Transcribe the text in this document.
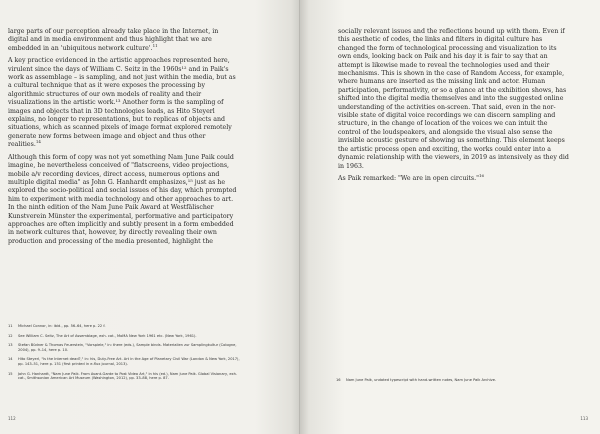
large parts of our perception already take place in the Internet, in digital and in media environment and thus highlight that we are embedded in an 'ubiquitous network culture'.$^{11}$

A key practice evidenced in the artistic approaches represented here, virulent since the days of William C. Seitz in the 1960s¹² and in Paik's work as assemblage – is sampling, and not just within the media, but as a cultural technique that as it were exposes the processing by algorithmic structures of our own models of reality and their visualizations in the artistic work.¹³ Another form is the sampling of images and objects that in 3D technologies leads, as Hito Steyerl explains, no longer to representations, but to replicas of objects and situations, which as scanned pixels of image format explored remotely generate new forms between image and object and thus other realities.$^{14}$

Although this form of copy was not yet something Nam June Paik could imagine, he nevertheless conceived of "flatscreens, video projections, mobile a/v recording devices, direct access, numerous options and multiple digital media" as John G. Hanhardt emphasizes,¹⁵ just as he explored the socio-political and social issues of his day, which prompted him to experiment with media technology and other approaches to art. In the ninth edition of the Nam June Paik Award at Westfälischer Kunstverein Münster the experimental, performative and participatory approaches are often implicitly and subtly present in a form embedded in network cultures that, however, by directly revealing their own production and processing of the media presented, highlight the

11	Michael Connor, in: ibid., pp. 56–64, here p. 22 f.
12	See William C. Seitz, The Art of Assemblage, exh. cat., MoMA New York 1961 etc. (New York, 1961).
13	Stefan Büdner & Thomas Feuerstein, "Vorspiele," in: there (eds.), Sample binds. Materialien zur Samplingkultur (Cologne, 2004), pp. 9–14, here p. 10.
14	Hito Steyerl, "Is the Internet dead?," in: his, Duty-Free Art. Art in the Age of Planetary Civil War (London & New York, 2017), pp. 143–51, here p. 151 (first printed in e-flux journal, 2013).
15	John G. Hanhardt, "Nam June Paik. From Avant-Garde to Post Video Art," in his (ed.), Nam June Paik. Global Visionary, exh. cat., Smithsonian American Art Museum (Washington, 2012), pp. 33–88, here p. 87.
112

socially relevant issues and the reflections bound up with them. Even if this aesthetic of codes, the links and filters in digital culture has changed the form of technological processing and visualization to its own ends, looking back on Paik and his day it is fair to say that an attempt is likewise made to reveal the technologies used and their mechanisms. This is shown in the case of Random Access, for example, where humans are inserted as the missing link and actor. Human participation, performativity, or so a glance at the exhibition shows, has shifted into the digital media themselves and into the suggested online understanding of the activities on-screen. That said, even in the nor-visible state of digital voice recordings we can discern sampling and structure, in the change of location of the voices we can intuit the control of the loudspeakers, and alongside the visual also sense the invisible acoustic gesture of showing us something. This element keeps the artistic process open and exciting, the works could enter into a dynamic relationship with the viewers, in 2019 as intensively as they did in 1963.

As Paik remarked: "We are in open circuits."$^{16}$

16	Nam June Paik, undated typescript with hand-written notes, Nam June Paik Archive.
113
